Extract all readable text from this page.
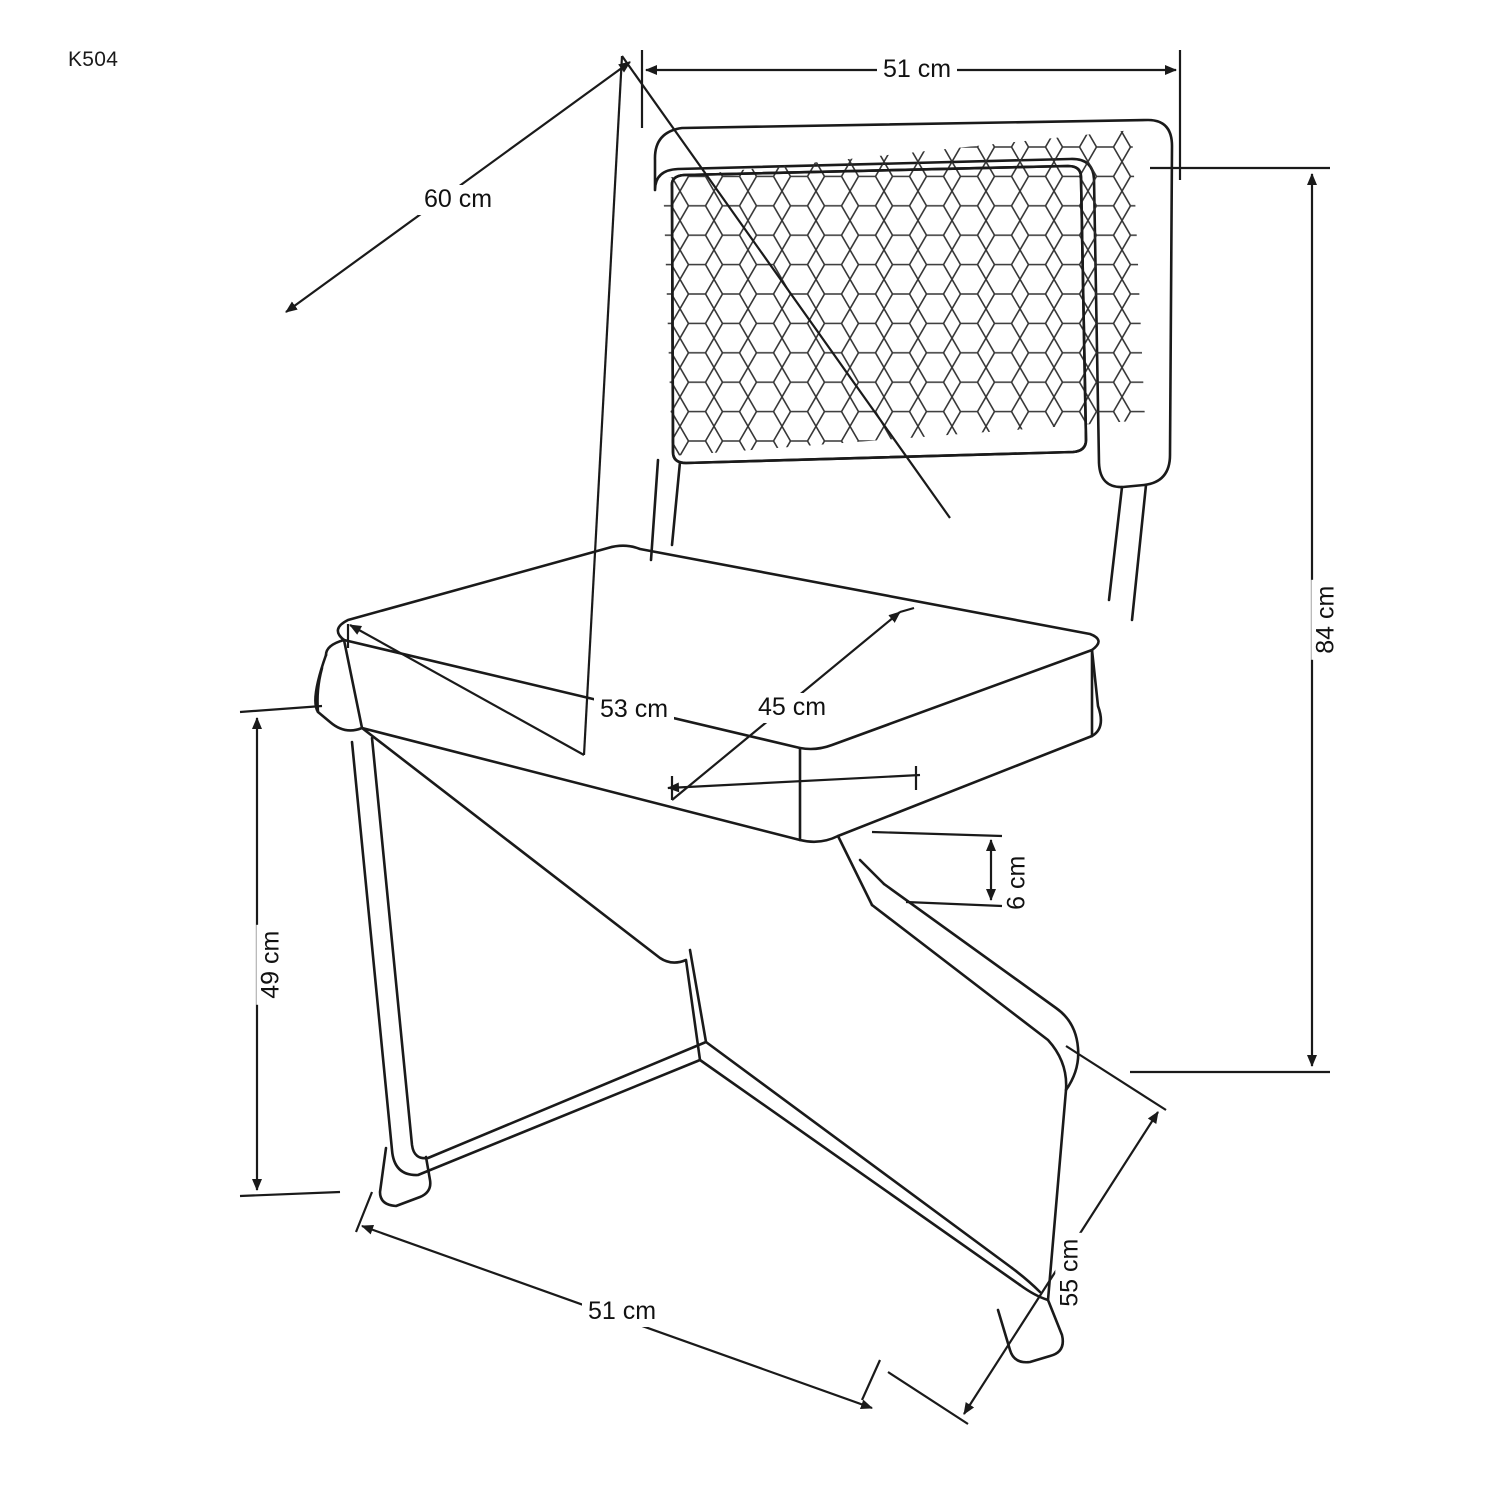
K504	51 cm
60 cm
84 cm
53 cm	45 cm
6 cm
49 cm
51 cm
55 cm
